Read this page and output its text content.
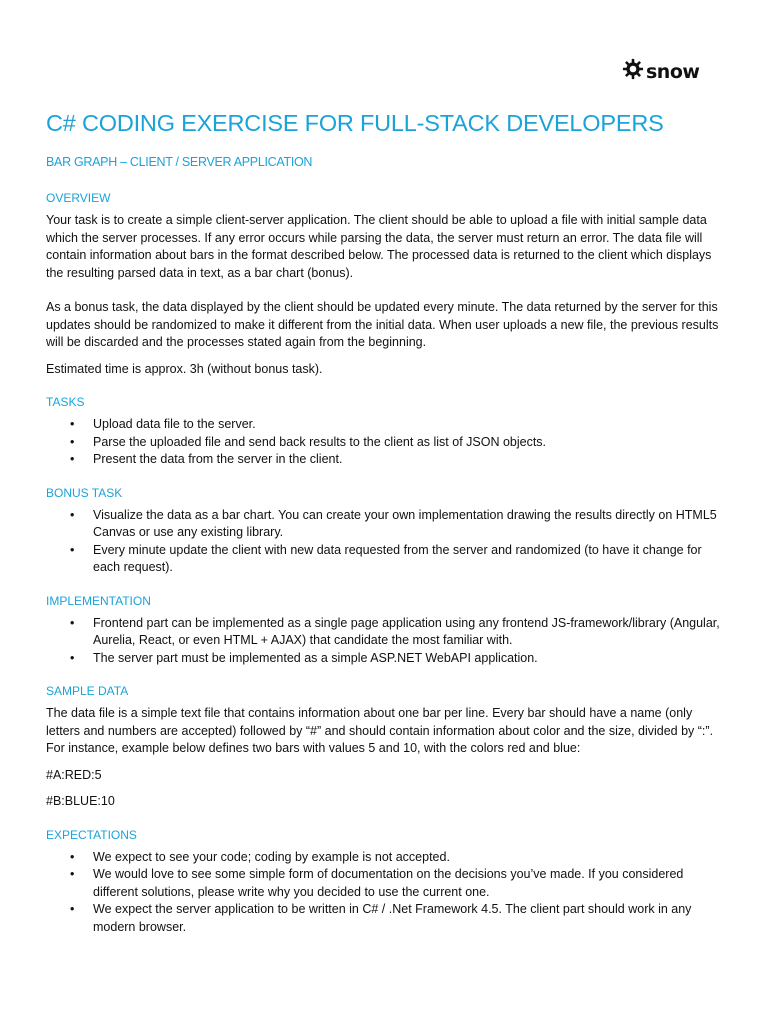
snow
C# CODING EXERCISE FOR FULL-STACK DEVELOPERS
BAR GRAPH – CLIENT / SERVER APPLICATION
OVERVIEW

Your task is to create a simple client-server application. The client should be able to upload a file with initial sample data which the server processes. If any error occurs while parsing the data, the server must return an error. The data file will contain information about bars in the format described below. The processed data is returned to the client which displays the resulting parsed data in text, as a bar chart (bonus).

As a bonus task, the data displayed by the client should be updated every minute. The data returned by the server for this updates should be randomized to make it different from the initial data. When user uploads a new file, the previous results will be discarded and the processes stated again from the beginning.

Estimated time is approx. 3h (without bonus task).

TASKS
• Upload data file to the server.
• Parse the uploaded file and send back results to the client as list of JSON objects.
• Present the data from the server in the client.
BONUS TASK
• Visualize the data as a bar chart. You can create your own implementation drawing the results directly on HTML5 Canvas or use any existing library.
• Every minute update the client with new data requested from the server and randomized (to have it change for each request).
IMPLEMENTATION
• Frontend part can be implemented as a single page application using any frontend JS-framework/library (Angular, Aurelia, React, or even HTML + AJAX) that candidate the most familiar with.
• The server part must be implemented as a simple ASP.NET WebAPI application.
SAMPLE DATA

The data file is a simple text file that contains information about one bar per line. Every bar should have a name (only letters and numbers are accepted) followed by “#” and should contain information about color and the size, divided by “:”. For instance, example below defines two bars with values 5 and 10, with the colors red and blue:

#A:RED:5

#B:BLUE:10

EXPECTATIONS
• We expect to see your code; coding by example is not accepted.
• We would love to see some simple form of documentation on the decisions you’ve made. If you considered different solutions, please write why you decided to use the current one.
• We expect the server application to be written in C# / .Net Framework 4.5. The client part should work in any modern browser.
